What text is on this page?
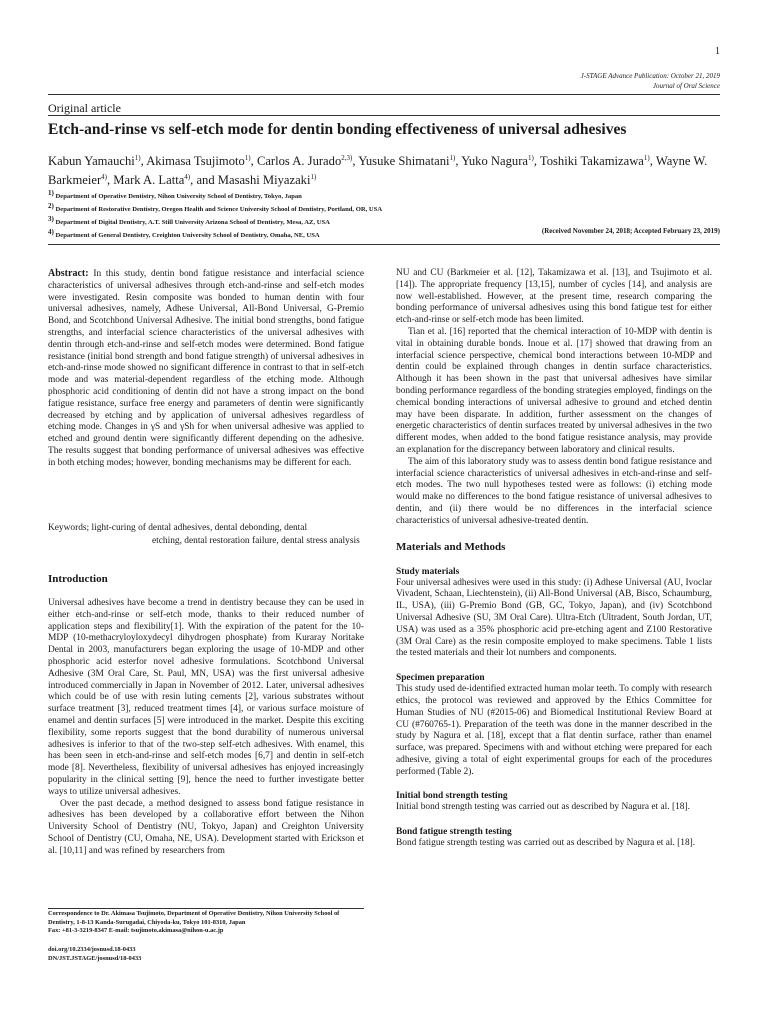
1
J-STAGE Advance Publication: October 21, 2019
Journal of Oral Science
Original article
Etch-and-rinse vs self-etch mode for dentin bonding effectiveness of universal adhesives
Kabun Yamauchi$^{1)}$, Akimasa Tsujimoto$^{1)}$, Carlos A. Jurado$^{2,3)}$, Yusuke Shimatani$^{1)}$, Yuko Nagura$^{1)}$, Toshiki Takamizawa$^{1)}$, Wayne W. Barkmeier$^{4)}$, Mark A. Latta$^{4)}$, and Masashi Miyazaki$^{1)}$
$^{1)}$ Department of Operative Dentistry, Nihon University School of Dentistry, Tokyo, Japan
$^{2)}$ Department of Restorative Dentistry, Oregon Health and Science University School of Dentistry, Portland, OR, USA
$^{3)}$ Department of Digital Dentistry, A.T. Still University Arizona School of Dentistry, Mesa, AZ, USA
$^{4)}$ Department of General Dentistry, Creighton University School of Dentistry, Omaha, NE, USA
(Received November 24, 2018; Accepted February 23, 2019)

Abstract: In this study, dentin bond fatigue resistance and interfacial science characteristics of universal adhesives through etch-and-rinse and self-etch modes were investigated. Resin composite was bonded to human dentin with four universal adhesives, namely, Adhese Universal, All-Bond Universal, G-Premio Bond, and Scotchbond Universal Adhesive. The initial bond strengths, bond fatigue strengths, and interfacial science characteristics of the universal adhesives with dentin through etch-and-rinse and self-etch modes were determined. Bond fatigue resistance (initial bond strength and bond fatigue strength) of universal adhesives in etch-and-rinse mode showed no significant difference in contrast to that in self-etch mode and was material-dependent regardless of the etching mode. Although phosphoric acid conditioning of dentin did not have a strong impact on the bond fatigue resistance, surface free energy and parameters of dentin were significantly decreased by etching and by application of universal adhesives regardless of etching mode. Changes in γS and γSh for when universal adhesive was applied to etched and ground dentin were significantly different depending on the adhesive. The results suggest that bonding performance of universal adhesives was effective in both etching modes; however, bonding mechanisms may be different for each.

Keywords; light-curing of dental adhesives, dental debonding, dental
etching, dental restoration failure, dental stress analysis
Introduction

Universal adhesives have become a trend in dentistry because they can be used in either etch-and-rinse or self-etch mode, thanks to their reduced number of application steps and flexibility[1]. With the expiration of the patent for the 10-MDP (10-methacryloyloxydecyl dihydrogen phosphate) from Kuraray Noritake Dental in 2003, manufacturers began exploring the usage of 10-MDP and other phosphoric acid esterfor novel adhesive formulations. Scotchbond Universal Adhesive (3M Oral Care, St. Paul, MN, USA) was the first universal adhesive introduced commercially in Japan in November of 2012. Later, universal adhesives which could be of use with resin luting cements [2], various substrates without surface treatment [3], reduced treatment times [4], or various surface moisture of enamel and dentin surfaces [5] were introduced in the market. Despite this exciting flexibility, some reports suggest that the bond durability of numerous universal adhesives is inferior to that of the two-step self-etch adhesives. With enamel, this has been seen in etch-and-rinse and self-etch modes [6,7] and dentin in self-etch mode [8]. Nevertheless, flexibility of universal adhesives has enjoyed increasingly popularity in the clinical setting [9], hence the need to further investigate better ways to utilize universal adhesives.

Over the past decade, a method designed to assess bond fatigue resistance in adhesives has been developed by a collaborative effort between the Nihon University School of Dentistry (NU, Tokyo, Japan) and Creighton University School of Dentistry (CU, Omaha, NE, USA). Development started with Erickson et al. [10,11] and was refined by researchers from

Correspondence to Dr. Akimasa Tsujimoto, Department of Operative Dentistry, Nihon University School of Dentistry, 1-8-13 Kanda-Surugadai, Chiyoda-ku, Tokyo 101-8310, Japan
Fax: +81-3-3219-8347 E-mail: tsujimoto.akimasa@nihon-u.ac.jp
doi.org/10.2334/josnusd.18-0433
DN/JST.JSTAGE/josnusd/18-0433

NU and CU (Barkmeier et al. [12], Takamizawa et al. [13], and Tsujimoto et al. [14]). The appropriate frequency [13,15], number of cycles [14], and analysis are now well-established. However, at the present time, research comparing the bonding performance of universal adhesives using this bond fatigue test for either etch-and-rinse or self-etch mode has been limited.

Tian et al. [16] reported that the chemical interaction of 10-MDP with dentin is vital in obtaining durable bonds. Inoue et al. [17] showed that drawing from an interfacial science perspective, chemical bond interactions between 10-MDP and dentin could be explained through changes in dentin surface characteristics. Although it has been shown in the past that universal adhesives have similar bonding performance regardless of the bonding strategies employed, findings on the chemical bonding interactions of universal adhesive to ground and etched dentin may have been disparate. In addition, further assessment on the changes of energetic characteristics of dentin surfaces treated by universal adhesives in the two different modes, when added to the bond fatigue resistance analysis, may provide an explanation for the discrepancy between laboratory and clinical results.

The aim of this laboratory study was to assess dentin bond fatigue resistance and interfacial science characteristics of universal adhesives in etch-and-rinse and self-etch modes. The two null hypotheses tested were as follows: (i) etching mode would make no differences to the bond fatigue resistance of universal adhesives to dentin, and (ii) there would be no differences in the interfacial science characteristics of universal adhesive-treated dentin.

Materials and Methods
Study materials

Four universal adhesives were used in this study: (i) Adhese Universal (AU, Ivoclar Vivadent, Schaan, Liechtenstein), (ii) All-Bond Universal (AB, Bisco, Schaumburg, IL, USA), (iii) G-Premio Bond (GB, GC, Tokyo, Japan), and (iv) Scotchbond Universal Adhesive (SU, 3M Oral Care). Ultra-Etch (Ultradent, South Jordan, UT, USA) was used as a 35% phosphoric acid pre-etching agent and Z100 Restorative (3M Oral Care) as the resin composite employed to make specimens. Table 1 lists the tested materials and their lot numbers and components.

Specimen preparation

This study used de-identified extracted human molar teeth. To comply with research ethics, the protocol was reviewed and approved by the Ethics Committee for Human Studies of NU (#2015-06) and Biomedical Institutional Review Board at CU (#760765-1). Preparation of the teeth was done in the manner described in the study by Nagura et al. [18], except that a flat dentin surface, rather than enamel surface, was prepared. Specimens with and without etching were prepared for each adhesive, giving a total of eight experimental groups for each of the procedures performed (Table 2).

Initial bond strength testing

Initial bond strength testing was carried out as described by Nagura et al. [18].

Bond fatigue strength testing

Bond fatigue strength testing was carried out as described by Nagura et al. [18].
